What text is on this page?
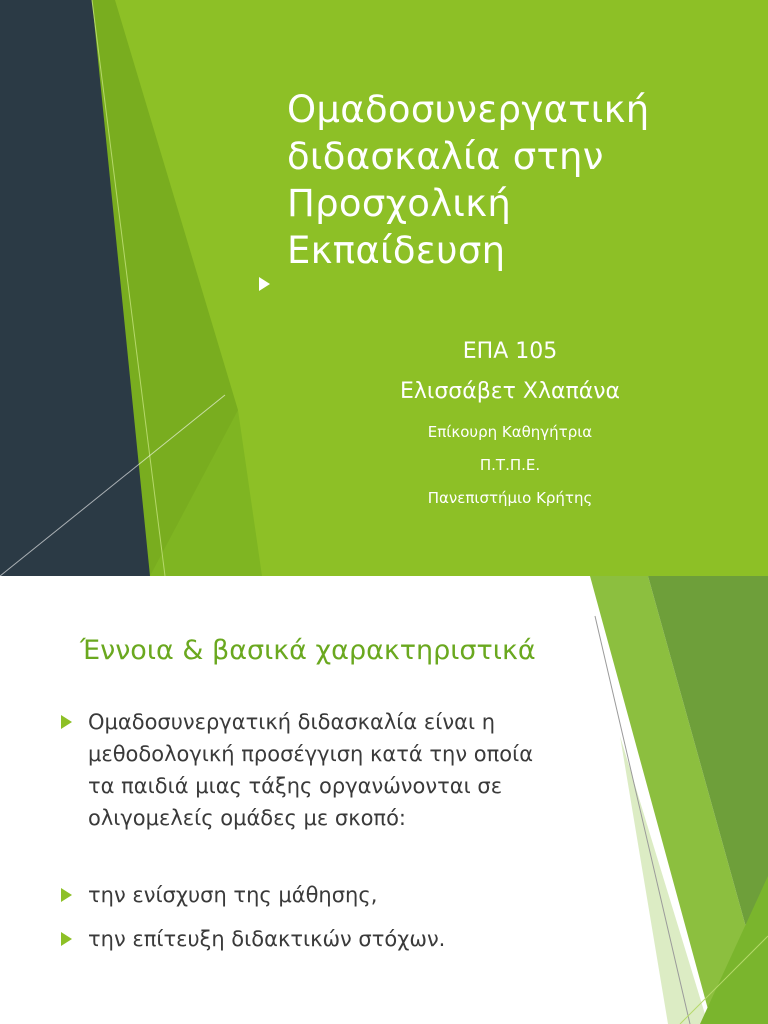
Ομαδοσυνεργατική
διδασκαλία στην
Προσχολική
Εκπαίδευση
ΕΠΑ 105
Ελισσάβετ Χλαπάνα
Επίκουρη Καθηγήτρια
Π.Τ.Π.Ε.
Πανεπιστήμιο Κρήτης
Έννοια & βασικά χαρακτηριστικά
Ομαδοσυνεργατική διδασκαλία είναι η
μεθοδολογική προσέγγιση κατά την οποία
τα παιδιά μιας τάξης οργανώνονται σε
ολιγομελείς ομάδες με σκοπό:
την ενίσχυση της μάθησης,
την επίτευξη διδακτικών στόχων.
